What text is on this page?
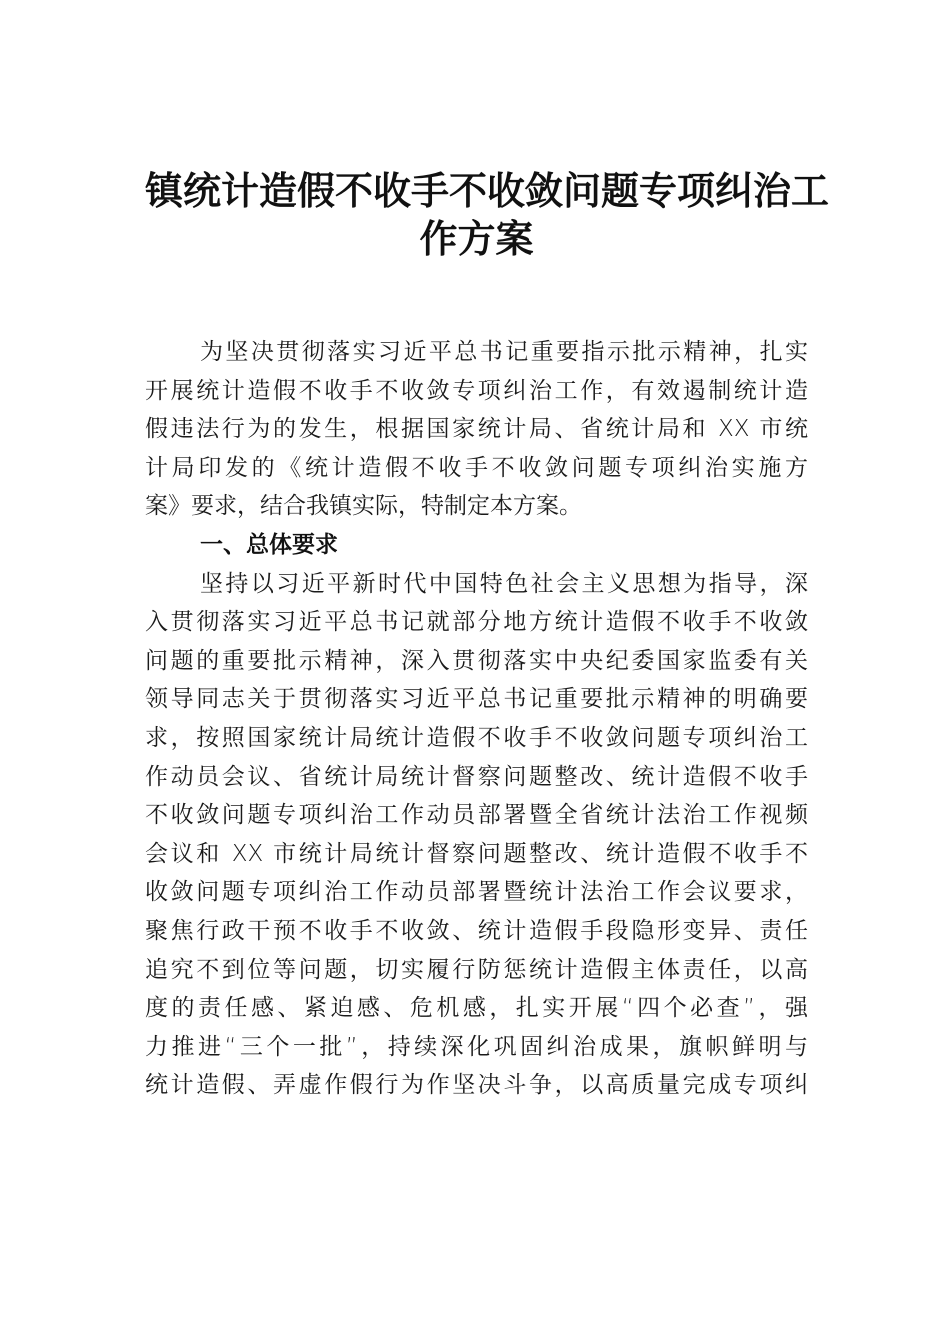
镇统计造假不收手不收敛问题专项纠治工
作方案
为坚决贯彻落实习近平总书记重要指示批示精神，扎实
开展统计造假不收手不收敛专项纠治工作，有效遏制统计造
假违法行为的发生，根据国家统计局、省统计局和 XX 市统
计局印发的《统计造假不收手不收敛问题专项纠治实施方
案》要求，结合我镇实际，特制定本方案。
一、总体要求
坚持以习近平新时代中国特色社会主义思想为指导，深
入贯彻落实习近平总书记就部分地方统计造假不收手不收敛
问题的重要批示精神，深入贯彻落实中央纪委国家监委有关
领导同志关于贯彻落实习近平总书记重要批示精神的明确要
求，按照国家统计局统计造假不收手不收敛问题专项纠治工
作动员会议、省统计局统计督察问题整改、统计造假不收手
不收敛问题专项纠治工作动员部署暨全省统计法治工作视频
会议和 XX 市统计局统计督察问题整改、统计造假不收手不
收敛问题专项纠治工作动员部署暨统计法治工作会议要求，
聚焦行政干预不收手不收敛、统计造假手段隐形变异、责任
追究不到位等问题，切实履行防惩统计造假主体责任，以高
度的责任感、紧迫感、危机感，扎实开展“四个必查”，强
力推进“三个一批”，持续深化巩固纠治成果，旗帜鲜明与
统计造假、弄虚作假行为作坚决斗争，以高质量完成专项纠
